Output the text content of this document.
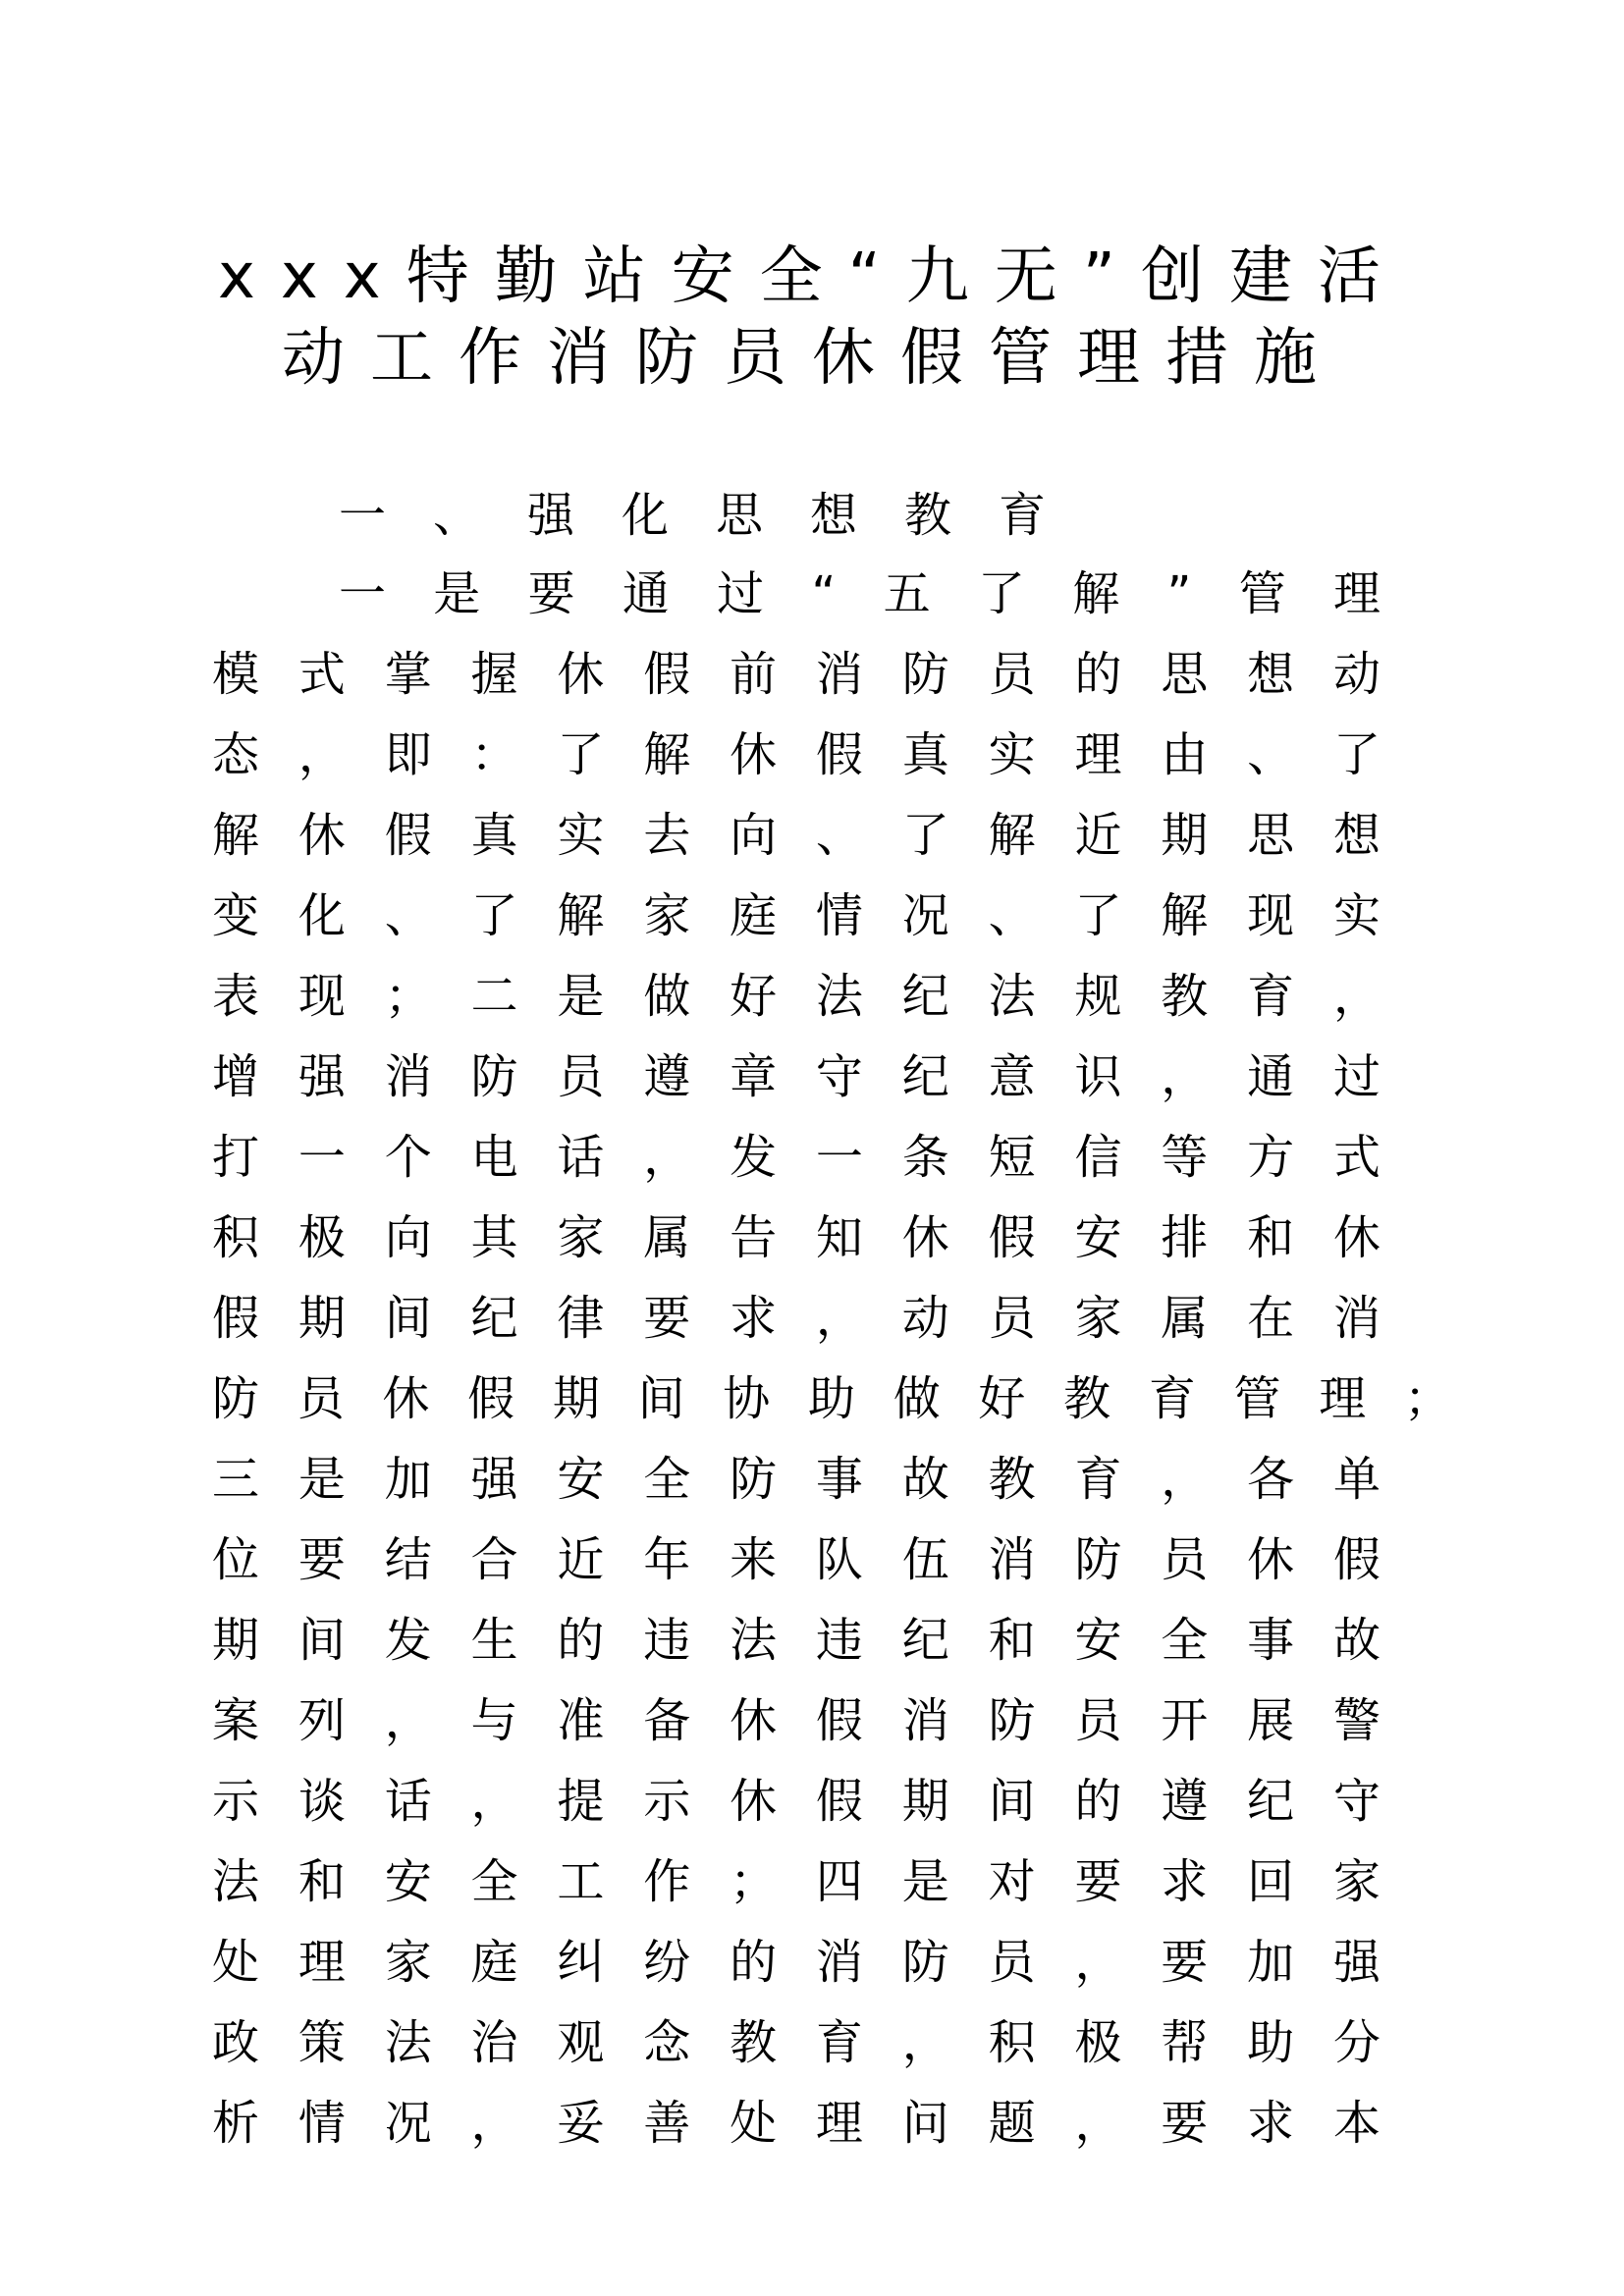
xxx特勤站安全“九无”创建活
动工作消防员休假管理措施

一、强化思想教育

一是要通过“五了解”管理

模式掌握休假前消防员的思想动

态，即：了解休假真实理由、了

解休假真实去向、了解近期思想

变化、了解家庭情况、了解现实

表现；二是做好法纪法规教育，

增强消防员遵章守纪意识，通过

打一个电话，发一条短信等方式

积极向其家属告知休假安排和休

假期间纪律要求，动员家属在消

防员休假期间协助做好教育管理；

三是加强安全防事故教育，各单

位要结合近年来队伍消防员休假

期间发生的违法违纪和安全事故

案列，与准备休假消防员开展警

示谈话，提示休假期间的遵纪守

法和安全工作；四是对要求回家

处理家庭纠纷的消防员，要加强

政策法治观念教育，积极帮助分

析情况，妥善处理问题，要求本
